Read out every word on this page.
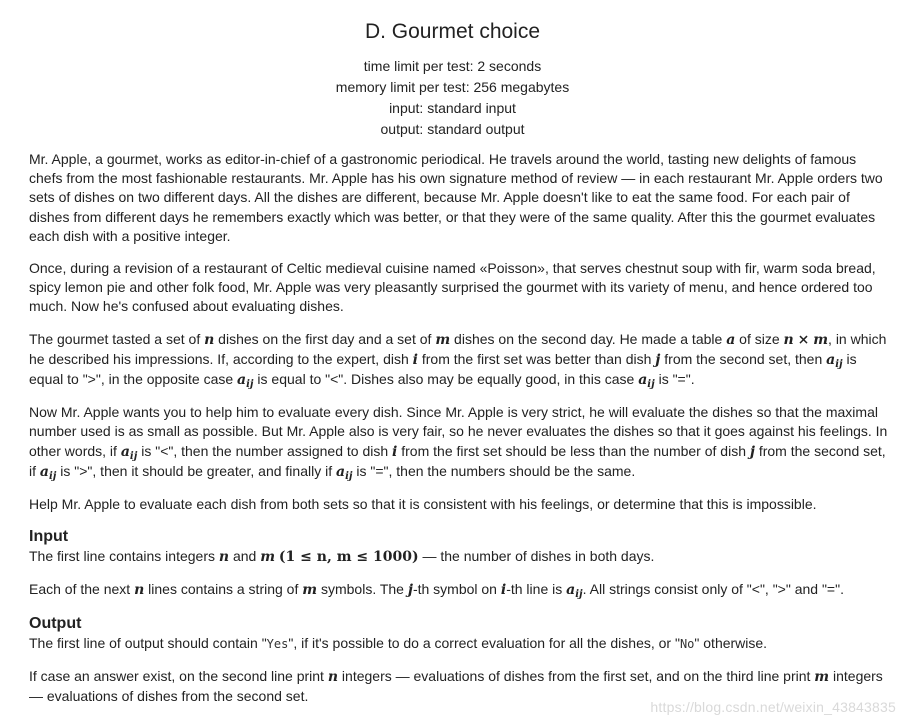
D. Gourmet choice
time limit per test: 2 seconds
memory limit per test: 256 megabytes
input: standard input
output: standard output

Mr. Apple, a gourmet, works as editor-in-chief of a gastronomic periodical. He travels around the world, tasting new delights of famous chefs from the most fashionable restaurants. Mr. Apple has his own signature method of review — in each restaurant Mr. Apple orders two sets of dishes on two different days. All the dishes are different, because Mr. Apple doesn't like to eat the same food. For each pair of dishes from different days he remembers exactly which was better, or that they were of the same quality. After this the gourmet evaluates each dish with a positive integer.

Once, during a revision of a restaurant of Celtic medieval cuisine named «Poisson», that serves chestnut soup with fir, warm soda bread, spicy lemon pie and other folk food, Mr. Apple was very pleasantly surprised the gourmet with its variety of menu, and hence ordered too much. Now he's confused about evaluating dishes.

The gourmet tasted a set of n dishes on the first day and a set of m dishes on the second day. He made a table a of size n × m, in which he described his impressions. If, according to the expert, dish i from the first set was better than dish j from the second set, then $a_{ij}$ is equal to ">", in the opposite case $a_{ij}$ is equal to "<". Dishes also may be equally good, in this case $a_{ij}$ is "=".

Now Mr. Apple wants you to help him to evaluate every dish. Since Mr. Apple is very strict, he will evaluate the dishes so that the maximal number used is as small as possible. But Mr. Apple also is very fair, so he never evaluates the dishes so that it goes against his feelings. In other words, if $a_{ij}$ is "<", then the number assigned to dish i from the first set should be less than the number of dish j from the second set, if $a_{ij}$ is ">", then it should be greater, and finally if $a_{ij}$ is "=", then the numbers should be the same.

Help Mr. Apple to evaluate each dish from both sets so that it is consistent with his feelings, or determine that this is impossible.

Input

The first line contains integers n and m (1 ≤ n, m ≤ 1000) — the number of dishes in both days.

Each of the next n lines contains a string of m symbols. The j-th symbol on i-th line is $a_{ij}$. All strings consist only of "<", ">" and "=".

Output

The first line of output should contain "Yes", if it's possible to do a correct evaluation for all the dishes, or "No" otherwise.

If case an answer exist, on the second line print n integers — evaluations of dishes from the first set, and on the third line print m integers — evaluations of dishes from the second set.

https://blog.csdn.net/weixin_43843835
